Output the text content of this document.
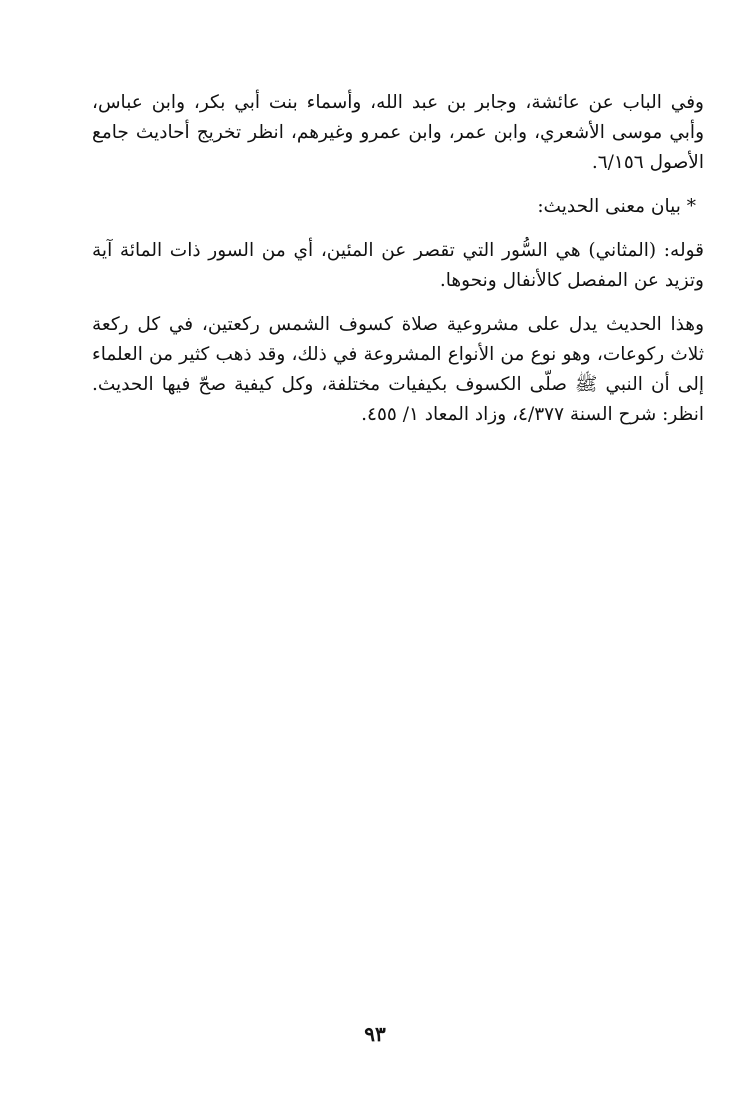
وفي الباب عن عائشة، وجابر بن عبد الله، وأسماء بنت أبي بكر، وابن عباس، وأبي موسى الأشعري، وابن عمر، وابن عمرو وغيرهم، انظر تخريج أحاديث جامع الأصول ٦/١٥٦.

* بيان معنى الحديث:

قوله: (المثاني) هي السُّور التي تقصر عن المئين، أي من السور ذات المائة آية وتزيد عن المفصل كالأنفال ونحوها.

وهذا الحديث يدل على مشروعية صلاة كسوف الشمس ركعتين، في كل ركعة ثلاث ركوعات، وهو نوع من الأنواع المشروعة في ذلك، وقد ذهب كثير من العلماء إلى أن النبي ﷺ صلّى الكسوف بكيفيات مختلفة، وكل كيفية صحّ فيها الحديث. انظر: شرح السنة ٤/٣٧٧، وزاد المعاد ١/ ٤٥٥.

٩٣
